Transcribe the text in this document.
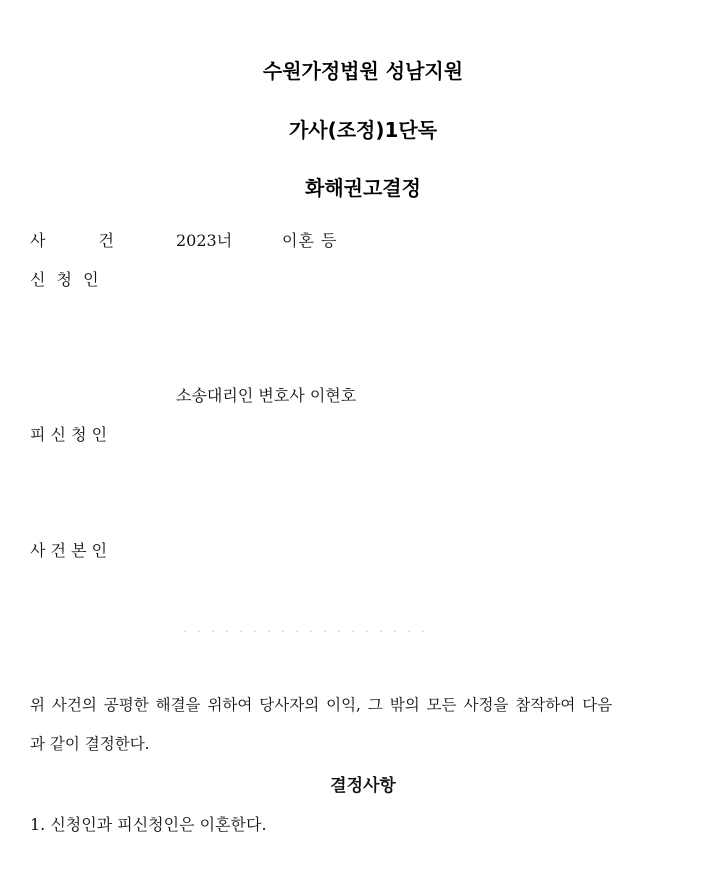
수원가정법원 성남지원
가사(조정)1단독
화해권고결정
사 건	2023너	이혼 등
신 청 인
소송대리인 변호사 이현호
피 신 청 인
사 건 본 인
위 사건의 공평한 해결을 위하여 당사자의 이익, 그 밖의 모든 사정을 참작하여 다음
과 같이 결정한다.
결정사항
1. 신청인과 피신청인은 이혼한다.
